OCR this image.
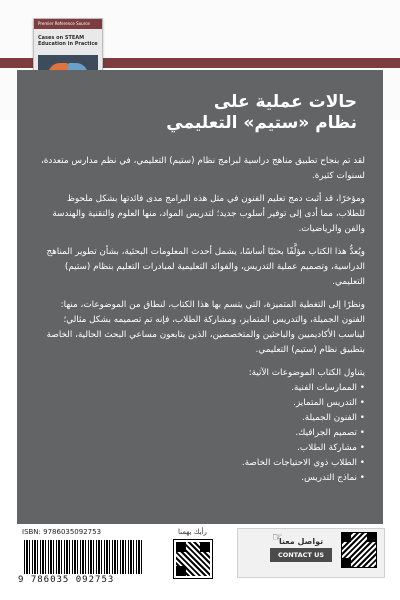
Premier Reference Source
Cases on STEAM Education in Practice
حالات عملية على
نظام «ستيم» التعليمي

لقد تم بنجاح تطبيق مناهج دراسية لبرامج نظام (ستيم) التعليمي، في نظم مدارس متعددة، لسنوات كثيرة.

ومؤخرًا، قد أثبت دمج تعليم الفنون في مثل هذه البرامج مدى فائدتها بشكل ملحوظ للطلاب، مما أدى إلى توفير أسلوب جديد؛ لتدريس المواد، منها العلوم والتقنية والهندسة والفن والرياضيات.

ويُعدُّ هذا الكتاب مؤلَّفًا بحثيًا أساسًا، يشمل أحدث المعلومات البحثية، بشأن تطوير المناهج الدراسية، وتصميم عملية التدريس، والفوائد التعليمية لمبادرات التعليم بنظام (ستيم) التعليمي.

ونظرًا إلى التغطية المتميزة، التي يتسم بها هذا الكتاب، لنطاق من الموضوعات، منها: الفنون الجميلة، والتدريس المتمايز، ومشاركة الطلاب، فإنه تم تصميمه بشكل مثالي؛ ليناسب الأكاديميين والباحثين والمتخصصين، الذين يتابعون مساعي البحث الحالية، الخاصة بتطبيق نظام (ستيم) التعليمي.

يتناول الكتاب الموضوعات الآتية:

• الممارسات الفنية.
• التدريس المتمايز.
• الفنون الجميلة.
• تصميم الجرافيك.
• مشاركة الطلاب.
• الطلاب ذوي الاحتياجات الخاصة.
• نماذج التدريس.
ISBN: 9786035092753
9 786035 092753
رأيك يهمنا	☞
تواصل معنا
CONTACT US
